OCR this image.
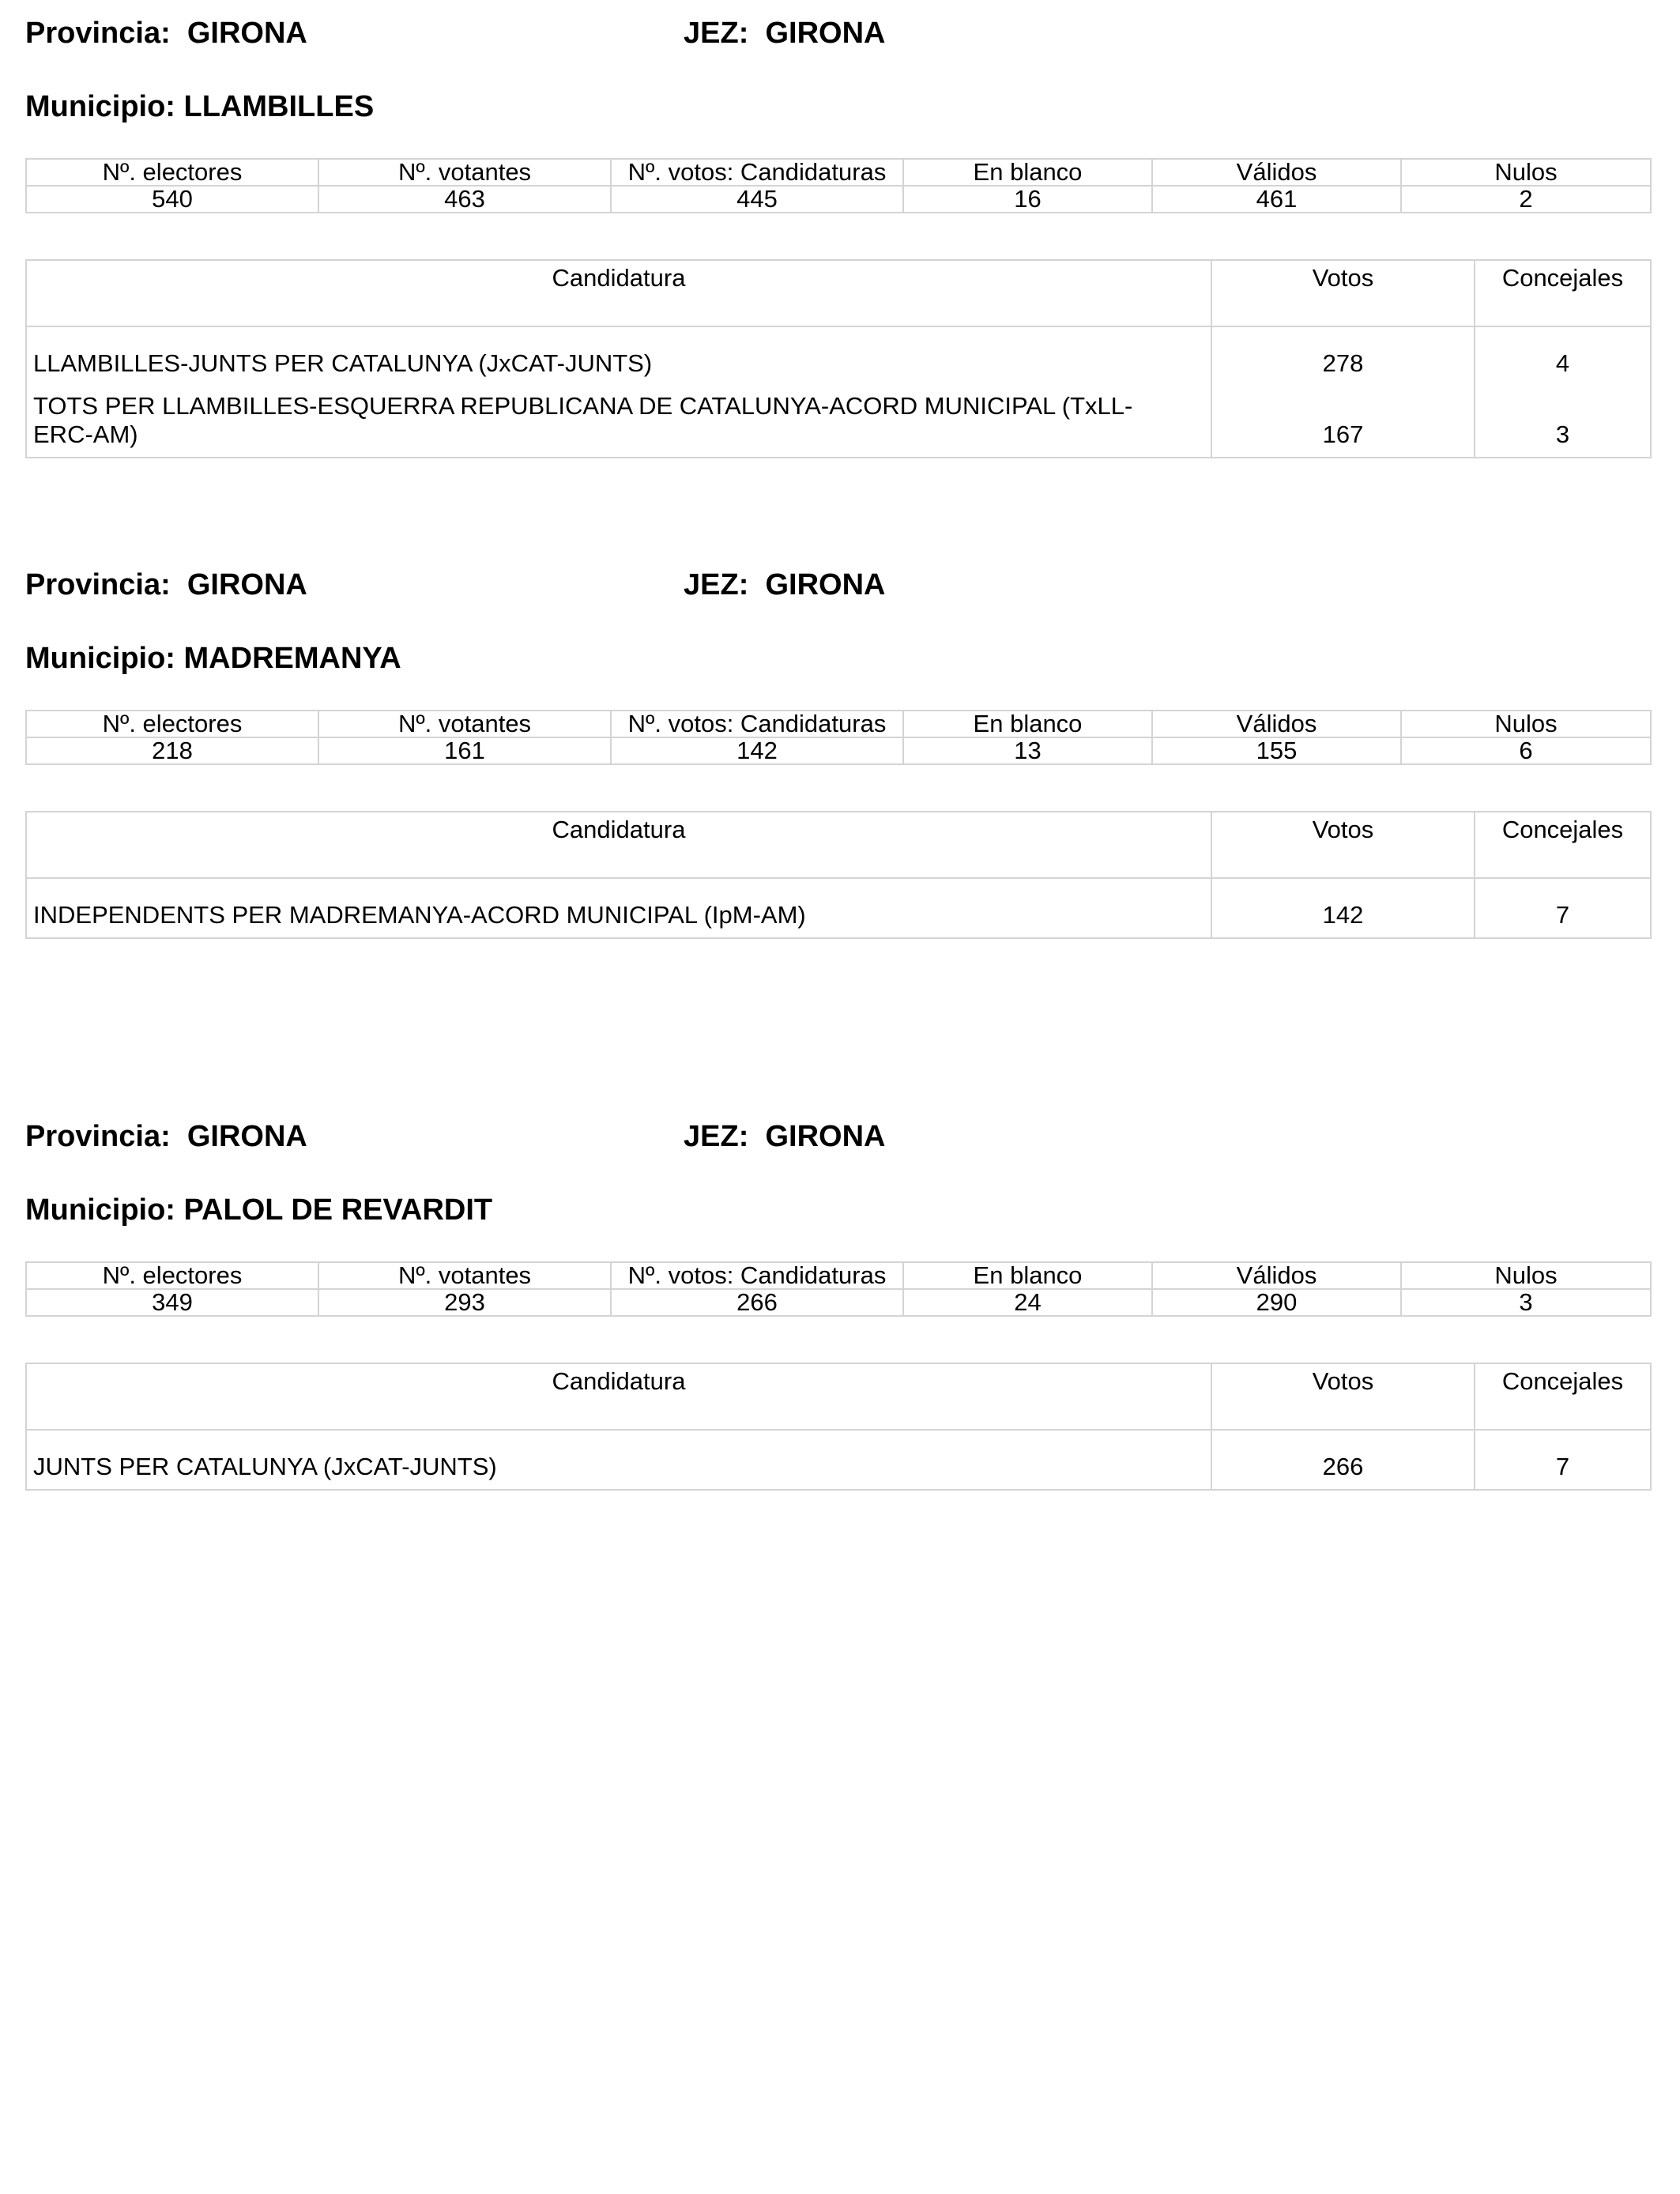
Provincia: GIRONA	JEZ: GIRONA
Municipio: LLAMBILLES
Nº. electores	Nº. votantes	Nº. votos: Candidaturas	En blanco	Válidos	Nulos
540	463	445	16	461	2
Candidatura	Votos	Concejales
LLAMBILLES-JUNTS PER CATALUNYA (JxCAT-JUNTS)	278	4
TOTS PER LLAMBILLES-ESQUERRA REPUBLICANA DE CATALUNYA-ACORD MUNICIPAL (TxLL-ERC-AM)	167	3
Provincia: GIRONA	JEZ: GIRONA
Municipio: MADREMANYA
Nº. electores	Nº. votantes	Nº. votos: Candidaturas	En blanco	Válidos	Nulos
218	161	142	13	155	6
Candidatura	Votos	Concejales
INDEPENDENTS PER MADREMANYA-ACORD MUNICIPAL (IpM-AM)	142	7
Provincia: GIRONA	JEZ: GIRONA
Municipio: PALOL DE REVARDIT
Nº. electores	Nº. votantes	Nº. votos: Candidaturas	En blanco	Válidos	Nulos
349	293	266	24	290	3
Candidatura	Votos	Concejales
JUNTS PER CATALUNYA (JxCAT-JUNTS)	266	7
